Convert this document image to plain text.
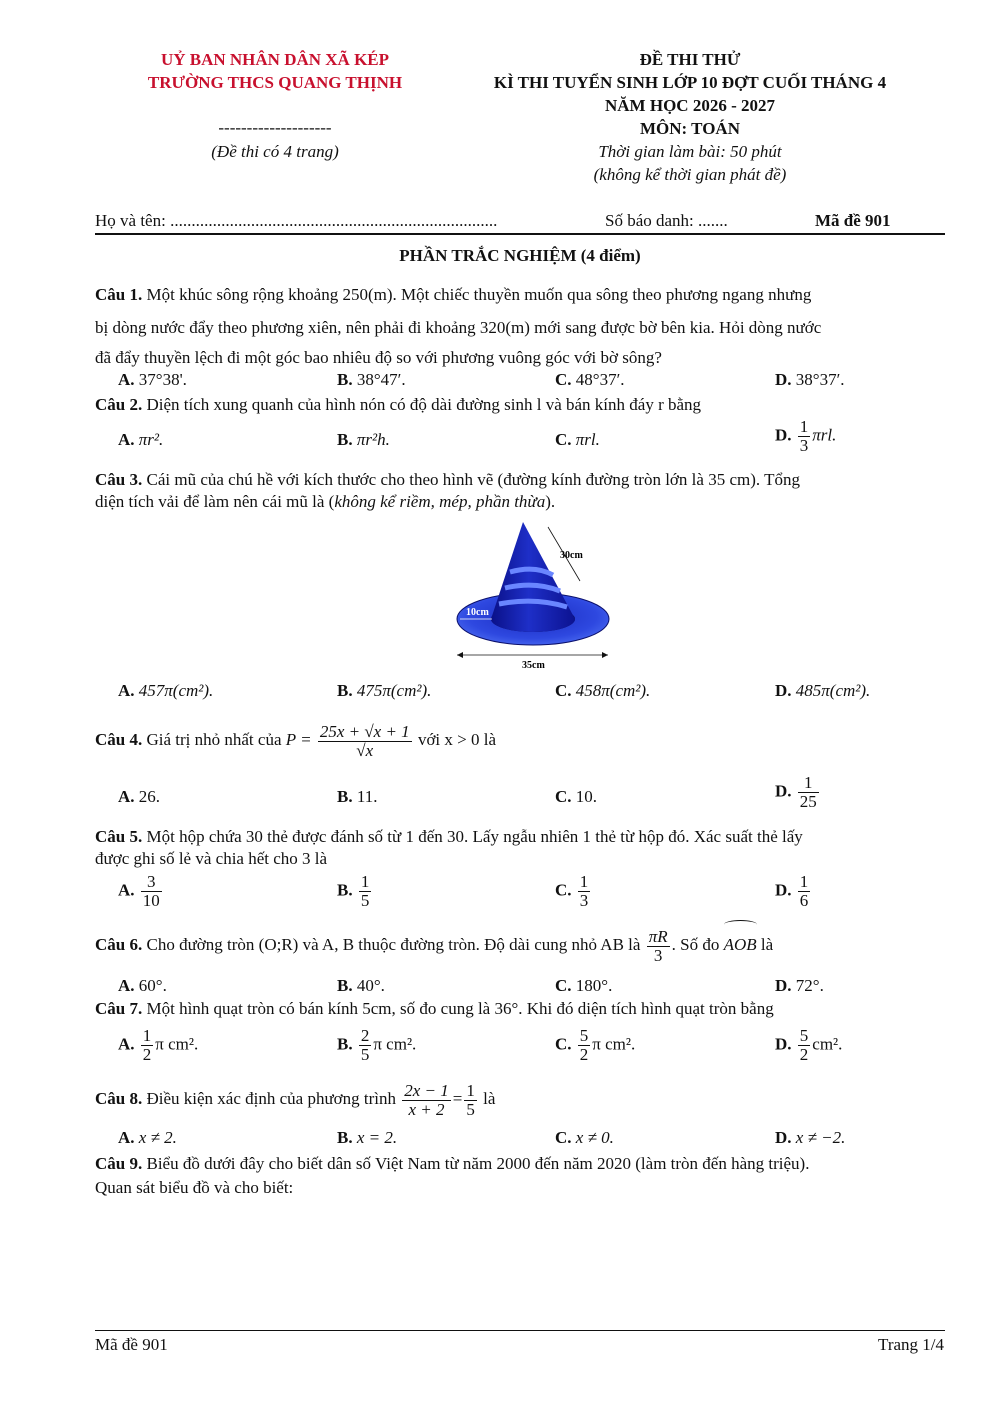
UỶ BAN NHÂN DÂN XÃ KÉP
TRƯỜNG THCS QUANG THỊNH
--------------------
(Đề thi có 4 trang)
ĐỀ THI THỬ
KÌ THI TUYỂN SINH LỚP 10 ĐỢT CUỐI THÁNG 4
NĂM HỌC 2026 - 2027
MÔN: TOÁN
Thời gian làm bài: 50 phút
(không kể thời gian phát đề)
Họ và tên: .............................................................................	Số báo danh: .......	Mã đề 901
PHẦN TRẮC NGHIỆM (4 điểm)
Câu 1. Một khúc sông rộng khoảng 250(m). Một chiếc thuyền muốn qua sông theo phương ngang nhưng
bị dòng nước đẩy theo phương xiên, nên phải đi khoảng 320(m) mới sang được bờ bên kia. Hỏi dòng nước
đã đẩy thuyền lệch đi một góc bao nhiêu độ so với phương vuông góc với bờ sông?
A. 37°38'.	B. 38°47′.	C. 48°37′.	D. 38°37′.
Câu 2. Diện tích xung quanh của hình nón có độ dài đường sinh l và bán kính đáy r bằng
A. πr².	B. πr²h.	C. πrl.	D. $\frac{1}{3} \pi rl$.
Câu 3. Cái mũ của chú hề với kích thước cho theo hình vẽ (đường kính đường tròn lớn là 35 cm). Tổng
diện tích vải để làm nên cái mũ là (không kể riềm, mép, phần thừa).
30cm
10cm
35cm
A. 457π(cm²).	B. 475π(cm²).	C. 458π(cm²).	D. 485π(cm²).
Câu 4. Giá trị nhỏ nhất của $P = \frac{25x + √x + 1}{√x}$ với x > 0 là
A. 26.	B. 11.	C. 10.	D. $\frac{1}{25}$
Câu 5. Một hộp chứa 30 thẻ được đánh số từ 1 đến 30. Lấy ngẫu nhiên 1 thẻ từ hộp đó. Xác suất thẻ lấy
được ghi số lẻ và chia hết cho 3 là
A. $\frac{3}{10}$	B. $\frac{1}{5}$	C. $\frac{1}{3}$	D. $\frac{1}{6}$
Câu 6. Cho đường tròn (O;R) và A, B thuộc đường tròn. Độ dài cung nhỏ AB là $\frac{\pi R}{3}$ . Số đo AOB là
A. 60°.	B. 40°.	C. 180°.	D. 72°.
Câu 7. Một hình quạt tròn có bán kính 5cm, số đo cung là 36°. Khi đó diện tích hình quạt tròn bằng
A. $\frac{1}{2}$ π cm².	B. $\frac{2}{5}$ π cm².	C. $\frac{5}{2}$ π cm².	D. $\frac{5}{2} cm^2$.
Câu 8. Điều kiện xác định của phương trình $\frac{2x - 1}{x + 2} = \frac{1}{5}$ là
A. x ≠ 2.	B. x = 2.	C. x ≠ 0.	D. x ≠ −2.
Câu 9. Biểu đồ dưới đây cho biết dân số Việt Nam từ năm 2000 đến năm 2020 (làm tròn đến hàng triệu).
Quan sát biểu đồ và cho biết:
Mã đề 901	Trang 1/4
